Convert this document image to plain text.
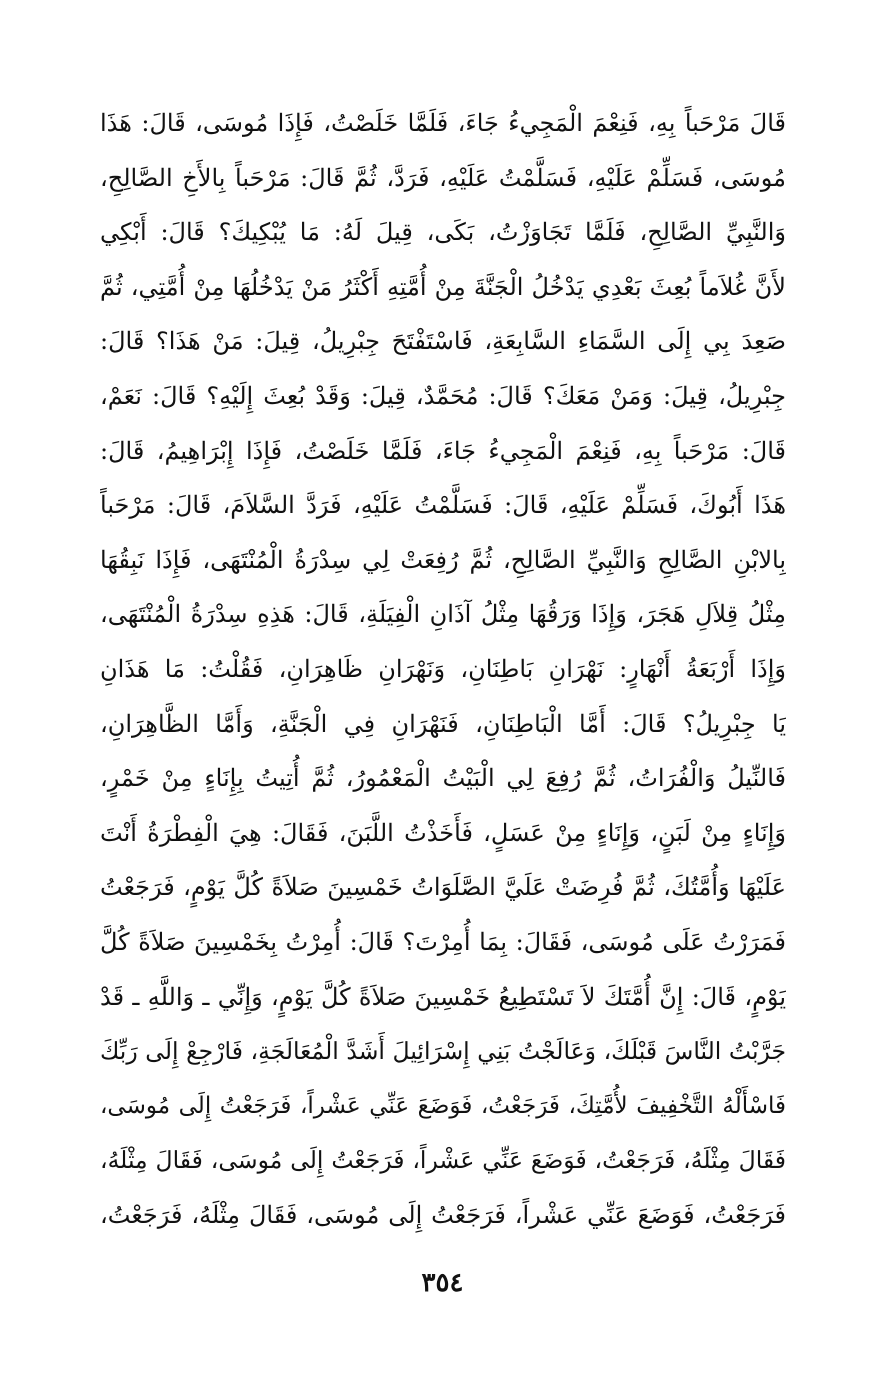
قَالَ مَرْحَباً بِهِ، فَنِعْمَ الْمَجِيءُ جَاءَ، فَلَمَّا خَلَصْتُ، فَإِذَا مُوسَى، قَالَ: هَذَا
مُوسَى، فَسَلِّمْ عَلَيْهِ، فَسَلَّمْتُ عَلَيْهِ، فَرَدَّ، ثُمَّ قَالَ: مَرْحَباً بِالأَخِ الصَّالِحِ،
وَالنَّبِيِّ الصَّالِحِ، فَلَمَّا تَجَاوَزْتُ، بَكَى، قِيلَ لَهُ: مَا يُبْكِيكَ؟ قَالَ: أَبْكِي
لأَنَّ غُلاَماً بُعِثَ بَعْدِي يَدْخُلُ الْجَنَّةَ مِنْ أُمَّتِهِ أَكْثَرُ مَنْ يَدْخُلُهَا مِنْ أُمَّتِي، ثُمَّ
صَعِدَ بِي إِلَى السَّمَاءِ السَّابِعَةِ، فَاسْتَفْتَحَ جِبْرِيلُ، قِيلَ: مَنْ هَذَا؟ قَالَ:
جِبْرِيلُ، قِيلَ: وَمَنْ مَعَكَ؟ قَالَ: مُحَمَّدٌ، قِيلَ: وَقَدْ بُعِثَ إِلَيْهِ؟ قَالَ: نَعَمْ،
قَالَ: مَرْحَباً بِهِ، فَنِعْمَ الْمَجِيءُ جَاءَ، فَلَمَّا خَلَصْتُ، فَإِذَا إِبْرَاهِيمُ، قَالَ:
هَذَا أَبُوكَ، فَسَلِّمْ عَلَيْهِ، قَالَ: فَسَلَّمْتُ عَلَيْهِ، فَرَدَّ السَّلاَمَ، قَالَ: مَرْحَباً
بِالابْنِ الصَّالِحِ وَالنَّبِيِّ الصَّالِحِ، ثُمَّ رُفِعَتْ لِي سِدْرَةُ الْمُنْتَهَى، فَإِذَا نَبِقُهَا
مِثْلُ قِلاَلِ هَجَرَ، وَإِذَا وَرَقُهَا مِثْلُ آذَانِ الْفِيَلَةِ، قَالَ: هَذِهِ سِدْرَةُ الْمُنْتَهَى،
وَإِذَا أَرْبَعَةُ أَنْهَارٍ: نَهْرَانِ بَاطِنَانِ، وَنَهْرَانِ ظَاهِرَانِ، فَقُلْتُ: مَا هَذَانِ
يَا جِبْرِيلُ؟ قَالَ: أَمَّا الْبَاطِنَانِ، فَنَهْرَانِ فِي الْجَنَّةِ، وَأَمَّا الظَّاهِرَانِ،
فَالنِّيلُ وَالْفُرَاتُ، ثُمَّ رُفِعَ لِي الْبَيْتُ الْمَعْمُورُ، ثُمَّ أُتِيتُ بِإِنَاءٍ مِنْ خَمْرٍ،
وَإِنَاءٍ مِنْ لَبَنٍ، وَإِنَاءٍ مِنْ عَسَلٍ، فَأَخَذْتُ اللَّبَنَ، فَقَالَ: هِيَ الْفِطْرَةُ أَنْتَ
عَلَيْهَا وَأُمَّتُكَ، ثُمَّ فُرِضَتْ عَلَيَّ الصَّلَوَاتُ خَمْسِينَ صَلاَةً كُلَّ يَوْمٍ، فَرَجَعْتُ
فَمَرَرْتُ عَلَى مُوسَى، فَقَالَ: بِمَا أُمِرْتَ؟ قَالَ: أُمِرْتُ بِخَمْسِينَ صَلاَةً كُلَّ
يَوْمٍ، قَالَ: إِنَّ أُمَّتَكَ لاَ تَسْتَطِيعُ خَمْسِينَ صَلاَةً كُلَّ يَوْمٍ، وَإِنِّي ـ وَاللَّهِ ـ قَدْ
جَرَّبْتُ النَّاسَ قَبْلَكَ، وَعَالَجْتُ بَنِي إِسْرَائِيلَ أَشَدَّ الْمُعَالَجَةِ، فَارْجِعْ إِلَى رَبِّكَ
فَاسْأَلْهُ التَّخْفِيفَ لأُمَّتِكَ، فَرَجَعْتُ، فَوَضَعَ عَنِّي عَشْراً، فَرَجَعْتُ إِلَى مُوسَى،
فَقَالَ مِثْلَهُ، فَرَجَعْتُ، فَوَضَعَ عَنِّي عَشْراً، فَرَجَعْتُ إِلَى مُوسَى، فَقَالَ مِثْلَهُ،
فَرَجَعْتُ، فَوَضَعَ عَنِّي عَشْراً، فَرَجَعْتُ إِلَى مُوسَى، فَقَالَ مِثْلَهُ، فَرَجَعْتُ،
٣٥٤
